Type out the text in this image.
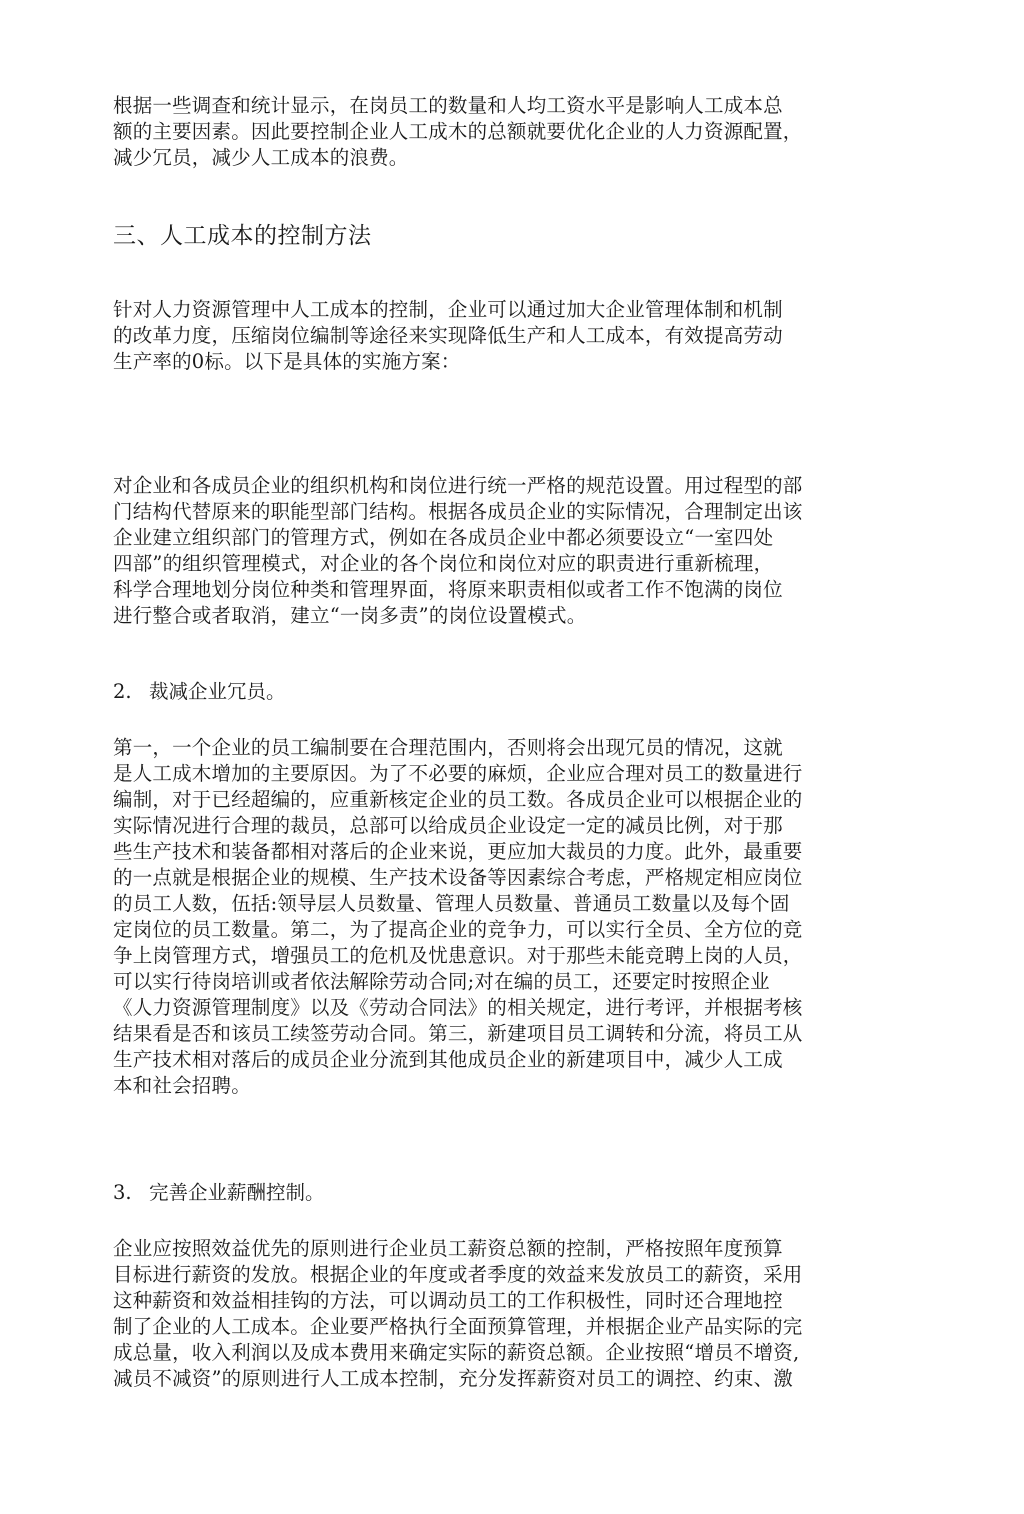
根据一些调查和统计显示，在岗员工的数量和人均工资水平是影响人工成本总
额的主要因素。因此要控制企业人工成木的总额就要优化企业的人力资源配置，
减少冗员，减少人工成本的浪费。

三、人工成本的控制方法

针对人力资源管理中人工成本的控制，企业可以通过加大企业管理体制和机制
的改革力度，压缩岗位编制等途径来实现降低生产和人工成本，有效提高劳动
生产率的0标。以下是具体的实施方案：

对企业和各成员企业的组织机构和岗位进行统一严格的规范设置。用过程型的部
门结构代替原来的职能型部门结构。根据各成员企业的实际情况，合理制定出该
企业建立组织部门的管理方式，例如在各成员企业中都必须要设立“一室四处
四部”的组织管理模式，对企业的各个岗位和岗位对应的职责进行重新梳理，
科学合理地划分岗位种类和管理界面，将原来职责相似或者工作不饱满的岗位
进行整合或者取消，建立“一岗多责”的岗位设置模式。

2. 裁减企业冗员。

第一，一个企业的员工编制要在合理范围内，否则将会出现冗员的情况，这就
是人工成木增加的主要原因。为了不必要的麻烦，企业应合理对员工的数量进行
编制，对于已经超编的，应重新核定企业的员工数。各成员企业可以根据企业的
实际情况进行合理的裁员，总部可以给成员企业设定一定的减员比例，对于那
些生产技术和装备都相对落后的企业来说，更应加大裁员的力度。此外，最重要
的一点就是根据企业的规模、生产技术设备等因素综合考虑，严格规定相应岗位
的员工人数，伍括:领导层人员数量、管理人员数量、普通员工数量以及每个固
定岗位的员工数量。第二，为了提高企业的竞争力，可以实行全员、全方位的竞
争上岗管理方式，增强员工的危机及忧患意识。对于那些未能竞聘上岗的人员，
可以实行待岗培训或者依法解除劳动合同;对在编的员工，还要定时按照企业
《人力资源管理制度》以及《劳动合同法》的相关规定，进行考评，并根据考核
结果看是否和该员工续签劳动合同。第三，新建项目员工调转和分流，将员工从
生产技术相对落后的成员企业分流到其他成员企业的新建项目中，减少人工成
本和社会招聘。

3. 完善企业薪酬控制。

企业应按照效益优先的原则进行企业员工薪资总额的控制，严格按照年度预算
目标进行薪资的发放。根据企业的年度或者季度的效益来发放员工的薪资，采用
这种薪资和效益相挂钩的方法，可以调动员工的工作积极性，同时还合理地控
制了企业的人工成本。企业要严格执行全面预算管理，并根据企业产品实际的完
成总量，收入利润以及成本费用来确定实际的薪资总额。企业按照“增员不增资,
减员不减资”的原则进行人工成本控制，充分发挥薪资对员工的调控、约束、激
